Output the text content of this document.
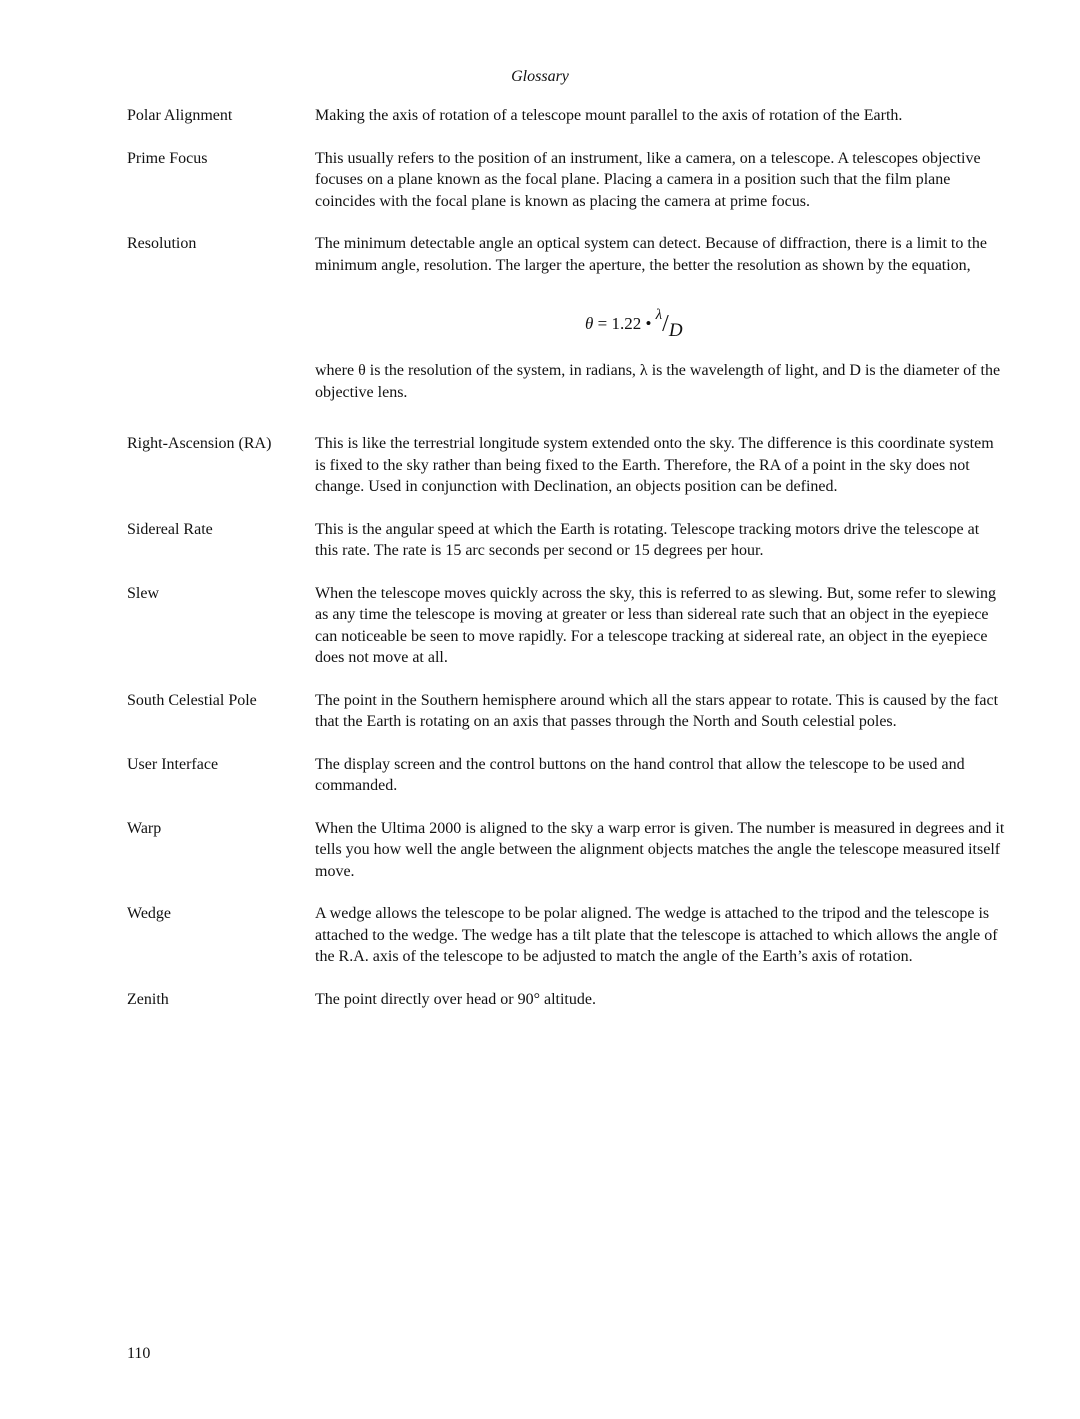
Glossary
Polar Alignment	Making the axis of rotation of a telescope mount parallel to the axis of rotation of the Earth.
Prime Focus	This usually refers to the position of an instrument, like a camera, on a telescope. A telescopes objective focuses on a plane known as the focal plane. Placing a camera in a position such that the film plane coincides with the focal plane is known as placing the camera at prime focus.
Resolution	The minimum detectable angle an optical system can detect. Because of diffraction, there is a limit to the minimum angle, resolution. The larger the aperture, the better the resolution as shown by the equation,
θ = 1.22 • λ/D
where θ is the resolution of the system, in radians, λ is the wavelength of light, and D is the diameter of the objective lens.
Right-Ascension (RA)	This is like the terrestrial longitude system extended onto the sky. The difference is this coordinate system is fixed to the sky rather than being fixed to the Earth. Therefore, the RA of a point in the sky does not change. Used in conjunction with Declination, an objects position can be defined.
Sidereal Rate	This is the angular speed at which the Earth is rotating. Telescope tracking motors drive the telescope at this rate. The rate is 15 arc seconds per second or 15 degrees per hour.
Slew	When the telescope moves quickly across the sky, this is referred to as slewing. But, some refer to slewing as any time the telescope is moving at greater or less than sidereal rate such that an object in the eyepiece can noticeable be seen to move rapidly. For a telescope tracking at sidereal rate, an object in the eyepiece does not move at all.
South Celestial Pole	The point in the Southern hemisphere around which all the stars appear to rotate. This is caused by the fact that the Earth is rotating on an axis that passes through the North and South celestial poles.
User Interface	The display screen and the control buttons on the hand control that allow the telescope to be used and commanded.
Warp	When the Ultima 2000 is aligned to the sky a warp error is given. The number is measured in degrees and it tells you how well the angle between the alignment objects matches the angle the telescope measured itself move.
Wedge	A wedge allows the telescope to be polar aligned. The wedge is attached to the tripod and the telescope is attached to the wedge. The wedge has a tilt plate that the telescope is attached to which allows the angle of the R.A. axis of the telescope to be adjusted to match the angle of the Earth’s axis of rotation.
Zenith	The point directly over head or 90° altitude.
110
